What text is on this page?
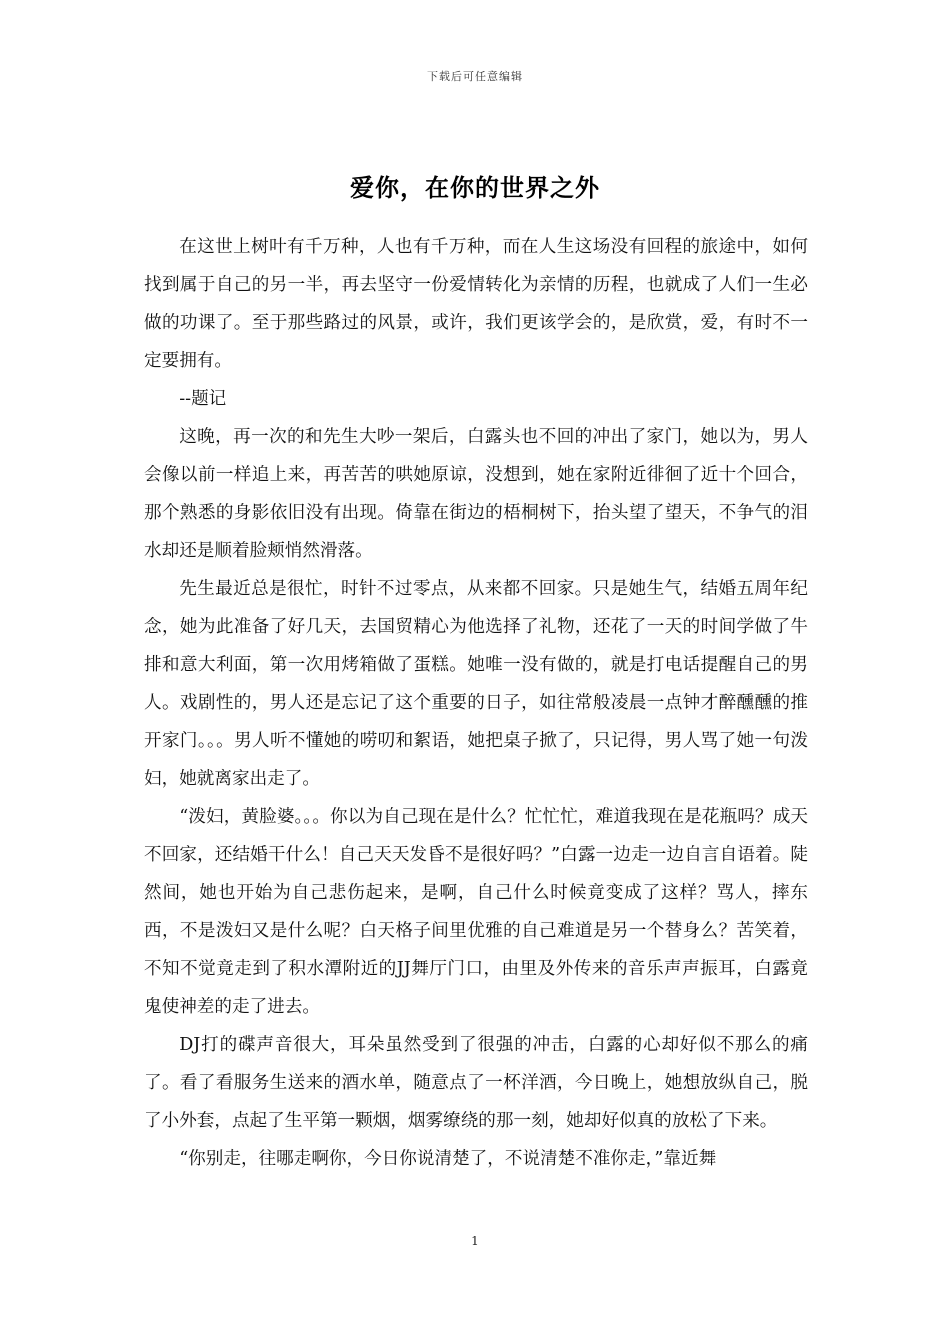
下载后可任意编辑
爱你，在你的世界之外

在这世上树叶有千万种，人也有千万种，而在人生这场没有回程的旅途中，如何找到属于自己的另一半，再去坚守一份爱情转化为亲情的历程，也就成了人们一生必做的功课了。至于那些路过的风景，或许，我们更该学会的，是欣赏，爱，有时不一定要拥有。

--题记

这晚，再一次的和先生大吵一架后，白露头也不回的冲出了家门，她以为，男人会像以前一样追上来，再苦苦的哄她原谅，没想到，她在家附近徘徊了近十个回合，那个熟悉的身影依旧没有出现。倚靠在街边的梧桐树下，抬头望了望天，不争气的泪水却还是顺着脸颊悄然滑落。

先生最近总是很忙，时针不过零点，从来都不回家。只是她生气，结婚五周年纪念，她为此准备了好几天，去国贸精心为他选择了礼物，还花了一天的时间学做了牛排和意大利面，第一次用烤箱做了蛋糕。她唯一没有做的，就是打电话提醒自己的男人。戏剧性的，男人还是忘记了这个重要的日子，如往常般凌晨一点钟才醉醺醺的推开家门。。。男人听不懂她的唠叨和絮语，她把桌子掀了，只记得，男人骂了她一句泼妇，她就离家出走了。

“泼妇，黄脸婆。。。你以为自己现在是什么？忙忙忙，难道我现在是花瓶吗？成天不回家，还结婚干什么！自己天天发昏不是很好吗？”白露一边走一边自言自语着。陡然间，她也开始为自己悲伤起来，是啊，自己什么时候竟变成了这样？骂人，摔东西，不是泼妇又是什么呢？白天格子间里优雅的自己难道是另一个替身么？苦笑着，不知不觉竟走到了积水潭附近的JJ舞厅门口，由里及外传来的音乐声声振耳，白露竟鬼使神差的走了进去。

DJ打的碟声音很大，耳朵虽然受到了很强的冲击，白露的心却好似不那么的痛了。看了看服务生送来的酒水单，随意点了一杯洋酒，今日晚上，她想放纵自己，脱了小外套，点起了生平第一颗烟，烟雾缭绕的那一刻，她却好似真的放松了下来。

“你别走，往哪走啊你，今日你说清楚了，不说清楚不准你走，”靠近舞

1
